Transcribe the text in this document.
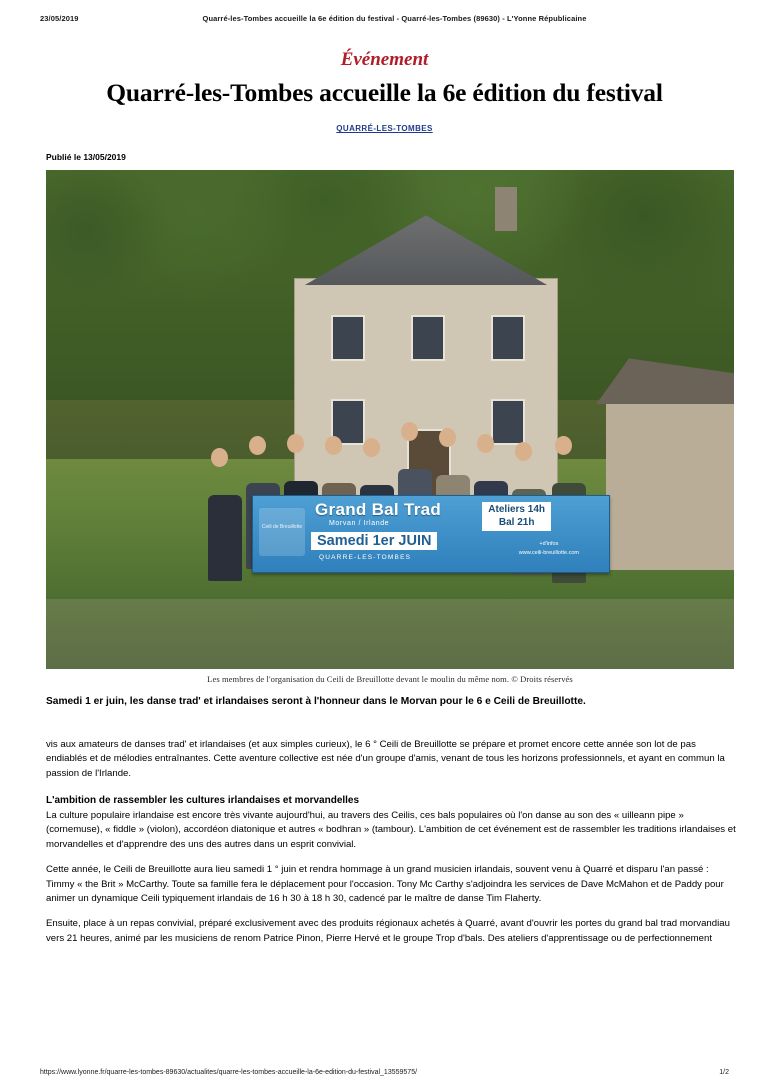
23/05/2019	Quarré-les-Tombes accueille la 6e édition du festival - Quarré-les-Tombes (89630) - L'Yonne Républicaine
Événement
Quarré-les-Tombes accueille la 6e édition du festival
QUARRÉ-LES-TOMBES
Publié le 13/05/2019
Ceili de Breuillotte
Grand Bal Trad
Morvan / Irlande
Samedi 1er JUIN
QUARRE-LES-TOMBES
Ateliers 14h
Bal 21h
+d'infos
www.ceili-breuillotte.com
Les membres de l'organisation du Ceili de Breuillotte devant le moulin du même nom. © Droits réservés
Samedi 1 er juin, les danse trad' et irlandaises seront à l'honneur dans le Morvan pour le 6 e Ceili de Breuillotte.

vis aux amateurs de danses trad' et irlandaises (et aux simples curieux), le 6 ° Ceili de Breuillotte se prépare et promet encore cette année son lot de pas endiablés et de mélodies entraînantes. Cette aventure collective est née d'un groupe d'amis, venant de tous les horizons professionnels, et ayant en commun la passion de l'Irlande.

L'ambition de rassembler les cultures irlandaises et morvandelles

La culture populaire irlandaise est encore très vivante aujourd'hui, au travers des Ceilis, ces bals populaires où l'on danse au son des « uilleann pipe » (cornemuse), « fiddle » (violon), accordéon diatonique et autres « bodhran » (tambour). L'ambition de cet événement est de rassembler les traditions irlandaises et morvandelles et d'apprendre des uns des autres dans un esprit convivial.

Cette année, le Ceili de Breuillotte aura lieu samedi 1 ° juin et rendra hommage à un grand musicien irlandais, souvent venu à Quarré et disparu l'an passé : Timmy « the Brit » McCarthy. Toute sa famille fera le déplacement pour l'occasion. Tony Mc Carthy s'adjoindra les services de Dave McMahon et de Paddy pour animer un dynamique Ceili typiquement irlandais de 16 h 30 à 18 h 30, cadencé par le maître de danse Tim Flaherty.

Ensuite, place à un repas convivial, préparé exclusivement avec des produits régionaux achetés à Quarré, avant d'ouvrir les portes du grand bal trad morvandiau vers 21 heures, animé par les musiciens de renom Patrice Pinon, Pierre Hervé et le groupe Trop d'bals. Des ateliers d'apprentissage ou de perfectionnement

https://www.lyonne.fr/quarre-les-tombes-89630/actualites/quarre-les-tombes-accueille-la-6e-edition-du-festival_13559575/	1/2
